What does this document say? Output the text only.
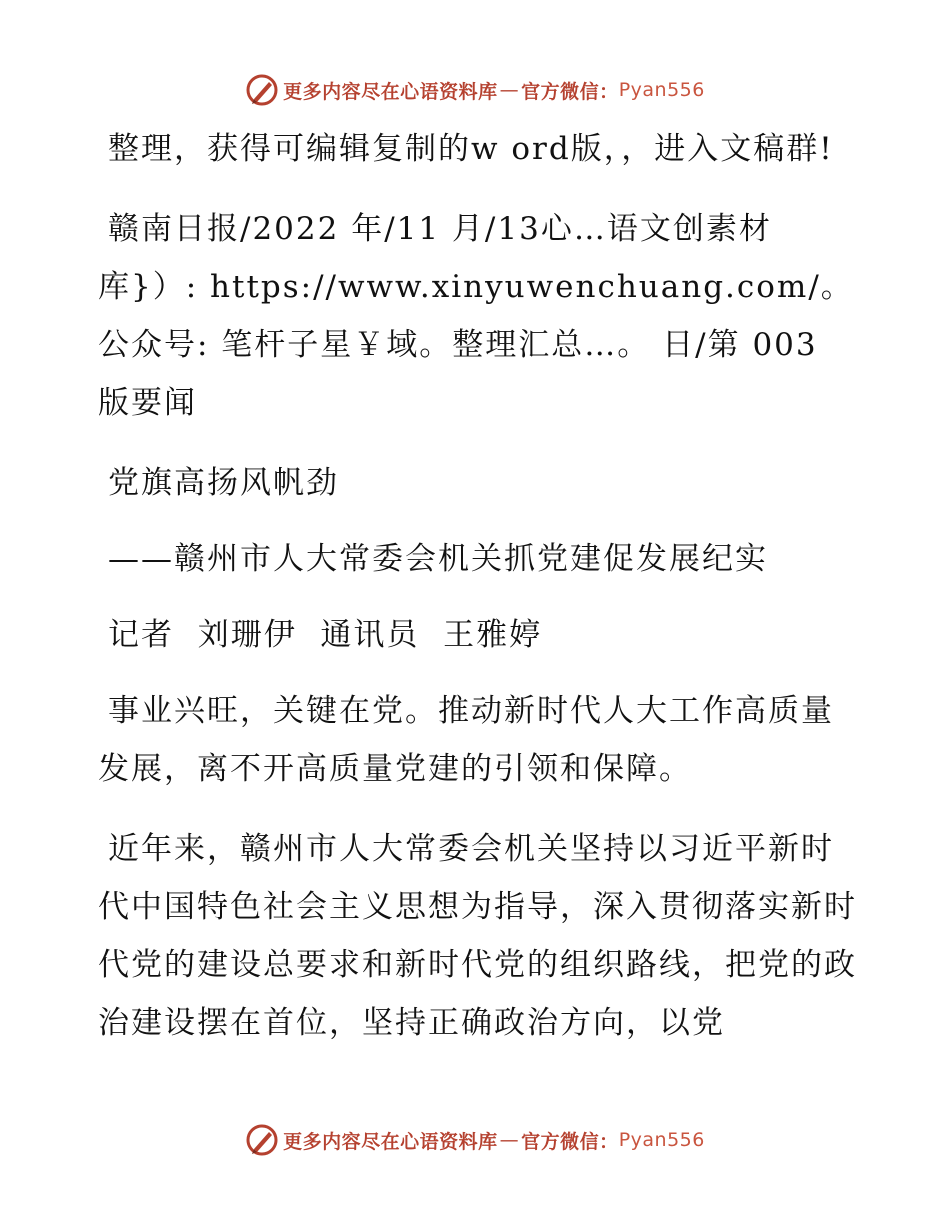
更多内容尽在心语资料库 — 官方微信： Pyan556

整理，获得可编辑复制的w ord版，，进入文稿群!

赣南日报/2022 年/11 月/13心…语文创素材库}）: https://www.xinyuwenchuang.com/。公众号: 笔杆子星￥域。整理汇总…。 日/第 003 版要闻

党旗高扬风帆劲

——赣州市人大常委会机关抓党建促发展纪实

记者  刘珊伊  通讯员  王雅婷

事业兴旺，关键在党。推动新时代人大工作高质量发展，离不开高质量党建的引领和保障。

近年来，赣州市人大常委会机关坚持以习近平新时代中国特色社会主义思想为指导，深入贯彻落实新时代党的建设总要求和新时代党的组织路线，把党的政治建设摆在首位，坚持正确政治方向，以党

更多内容尽在心语资料库 — 官方微信： Pyan556
